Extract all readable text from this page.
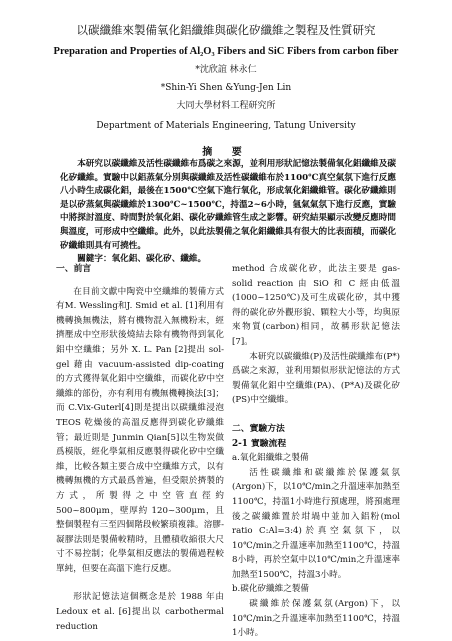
以碳纖維來製備氧化鋁纖維與碳化矽纖維之製程及性質研究
Preparation and Properties of Al₂O₃ Fibers and SiC Fibers from carbon fiber
*沈欣誼 林永仁
*Shin-Yi Shen &Yung-Jen Lin
大同大學材料工程研究所
Department of Materials Engineering, Tatung University
摘 要

本研究以碳纖維及活性碳纖維布爲碳之來源，並利用形狀記憶法製備氧化鋁纖維及碳化矽纖維。實驗中以鋁蒸氣分別與碳纖維及活性碳纖維布於1100℃真空氣氛下進行反應八小時生成碳化鋁，最後在1500℃空氣下進行氧化，形成氧化鋁纖維管。碳化矽纖維則是以矽蒸氣與碳纖維於1300℃~1500℃，持溫2~6小時，氬氣氣氛下進行反應，實驗中將探討溫度、時間對於氧化鋁、碳化矽纖維管生成之影響。研究結果顯示改變反應時間與溫度，可形成中空纖維。此外，以此法製備之氧化鋁纖維具有很大的比表面積，而碳化矽纖維則具有可撓性。

關鍵字：氧化鋁、碳化矽、纖維。

一、前言

在目前文獻中陶瓷中空纖維的製備方式有M. Wessling和J. Smid et al. [1]利用有機轉換無機法，將有機物混入無機粉末，經擠壓成中空形狀後燒結去除有機物得到氧化鋁中空纖維；另外 X. L. Pan [2]提出 sol-gel 藉由 vacuum-assisted dip-coating 的方式獲得氧化鋁中空纖維，而碳化矽中空纖維的部份，亦有利用有機無機轉換法[3]；而 C.Vix-Guterl[4]則是提出以碳纖維浸泡 TEOS 乾燥後的高溫反應得到碳化矽纖維管；最近則是 Junmin Qian[5]以生物炭做爲模版，經化學氣相反應製得碳化矽中空纖維，比較各類主要合成中空纖維方式，以有機轉無機的方式最爲普遍，但受限於擠製的方式，所製得之中空管直徑約 500~800μm，壁厚約 120~300μm，且整個製程有三至四個階段較繁瑣複雜。溶膠-凝膠法則是製備較精時，且體積收縮很大尺寸不易控制；化學氣相反應法的製備過程較單純，但要在高溫下進行反應。

形狀記憶法這個概念是於 1988 年由 Ledoux et al. [6]提出以 carbothermal reduction

method 合成碳化矽，此法主要是 gas-solid reaction 由 SiO 和 C 經由低溫(1000~1250℃)及可生成碳化矽，其中獲得的碳化矽外觀形貌、顆粒大小等，均與原來物質(carbon)相同，故稱形狀記憶法[7]。

本研究以碳纖維(P)及活性碳纖維布(P*)爲碳之來源，並利用類似形狀記憶法的方式製備氧化鋁中空纖維(PA)、(P*A)及碳化矽(PS)中空纖維。

二、實驗方法

2-1 實驗流程

a.氧化鋁纖維之製備

活性碳纖維和碳纖維於保護氣氛(Argon)下，以10℃/min之升溫速率加熱至1100℃，持溫1小時進行預處理，將預處理後之碳纖維置於坩堝中並加入鋁粉(mol ratio C:Al=3:4)於真空氣氛下，以10℃/min之升溫速率加熱至1100℃，持溫8小時，再於空氣中以10℃/min之升溫速率加熱至1500℃，持溫3小時。

b.碳化矽纖維之製備

碳纖維於保護氣氛(Argon)下，以 10℃/min之升溫速率加熱至1100℃，持溫1小時。
